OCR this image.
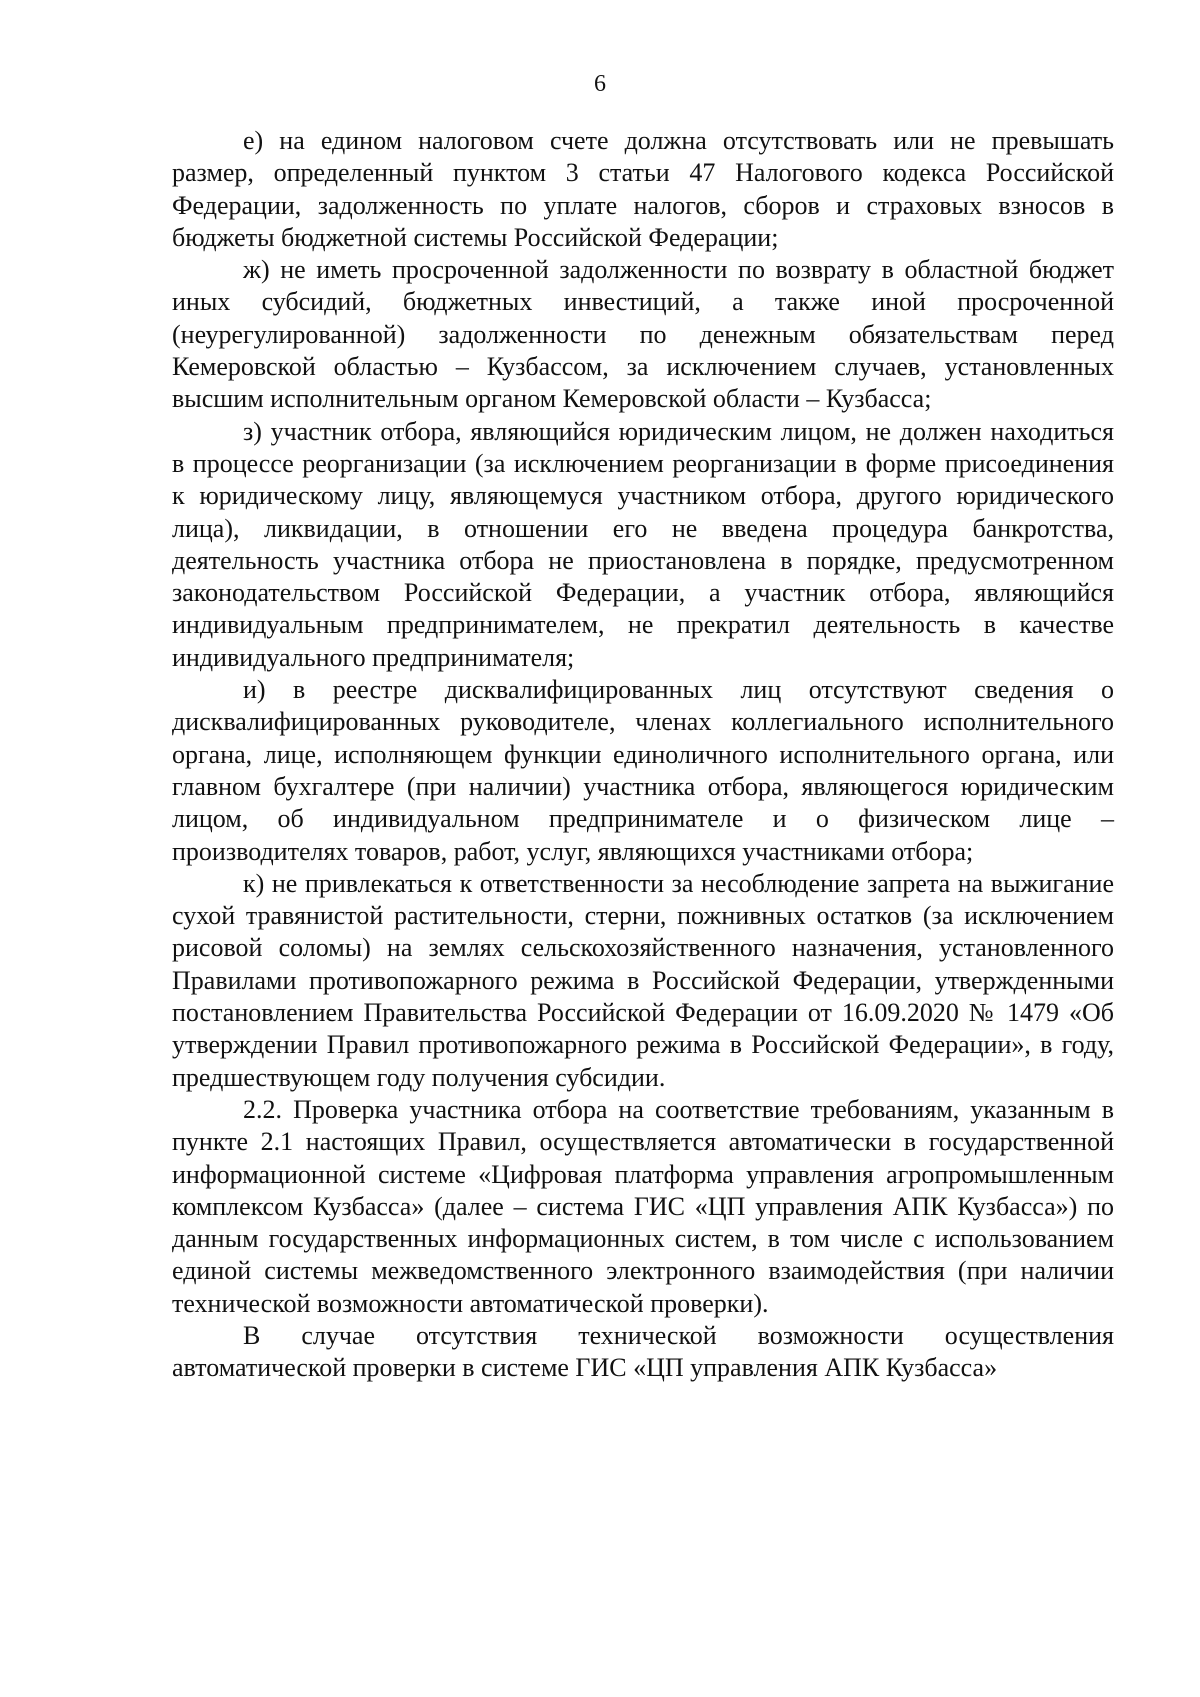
6

е) на едином налоговом счете должна отсутствовать или не превышать размер, определенный пунктом 3 статьи 47 Налогового кодекса Российской Федерации, задолженность по уплате налогов, сборов и страховых взносов в бюджеты бюджетной системы Российской Федерации;

ж) не иметь просроченной задолженности по возврату в областной бюджет иных субсидий, бюджетных инвестиций, а также иной просроченной (неурегулированной) задолженности по денежным обязательствам перед Кемеровской областью – Кузбассом, за исключением случаев, установленных высшим исполнительным органом Кемеровской области – Кузбасса;

з) участник отбора, являющийся юридическим лицом, не должен находиться в процессе реорганизации (за исключением реорганизации в форме присоединения к юридическому лицу, являющемуся участником отбора, другого юридического лица), ликвидации, в отношении его не введена процедура банкротства, деятельность участника отбора не приостановлена в порядке, предусмотренном законодательством Российской Федерации, а участник отбора, являющийся индивидуальным предпринимателем, не прекратил деятельность в качестве индивидуального предпринимателя;

и) в реестре дисквалифицированных лиц отсутствуют сведения о дисквалифицированных руководителе, членах коллегиального исполнительного органа, лице, исполняющем функции единоличного исполнительного органа, или главном бухгалтере (при наличии) участника отбора, являющегося юридическим лицом, об индивидуальном предпринимателе и о физическом лице – производителях товаров, работ, услуг, являющихся участниками отбора;

к) не привлекаться к ответственности за несоблюдение запрета на выжигание сухой травянистой растительности, стерни, пожнивных остатков (за исключением рисовой соломы) на землях сельскохозяйственного назначения, установленного Правилами противопожарного режима в Российской Федерации, утвержденными постановлением Правительства Российской Федерации от 16.09.2020 № 1479 «Об утверждении Правил противопожарного режима в Российской Федерации», в году, предшествующем году получения субсидии.

2.2. Проверка участника отбора на соответствие требованиям, указанным в пункте 2.1 настоящих Правил, осуществляется автоматически в государственной информационной системе «Цифровая платформа управления агропромышленным комплексом Кузбасса» (далее – система ГИС «ЦП управления АПК Кузбасса») по данным государственных информационных систем, в том числе с использованием единой системы межведомственного электронного взаимодействия (при наличии технической возможности автоматической проверки).

В случае отсутствия технической возможности осуществления автоматической проверки в системе ГИС «ЦП управления АПК Кузбасса»
